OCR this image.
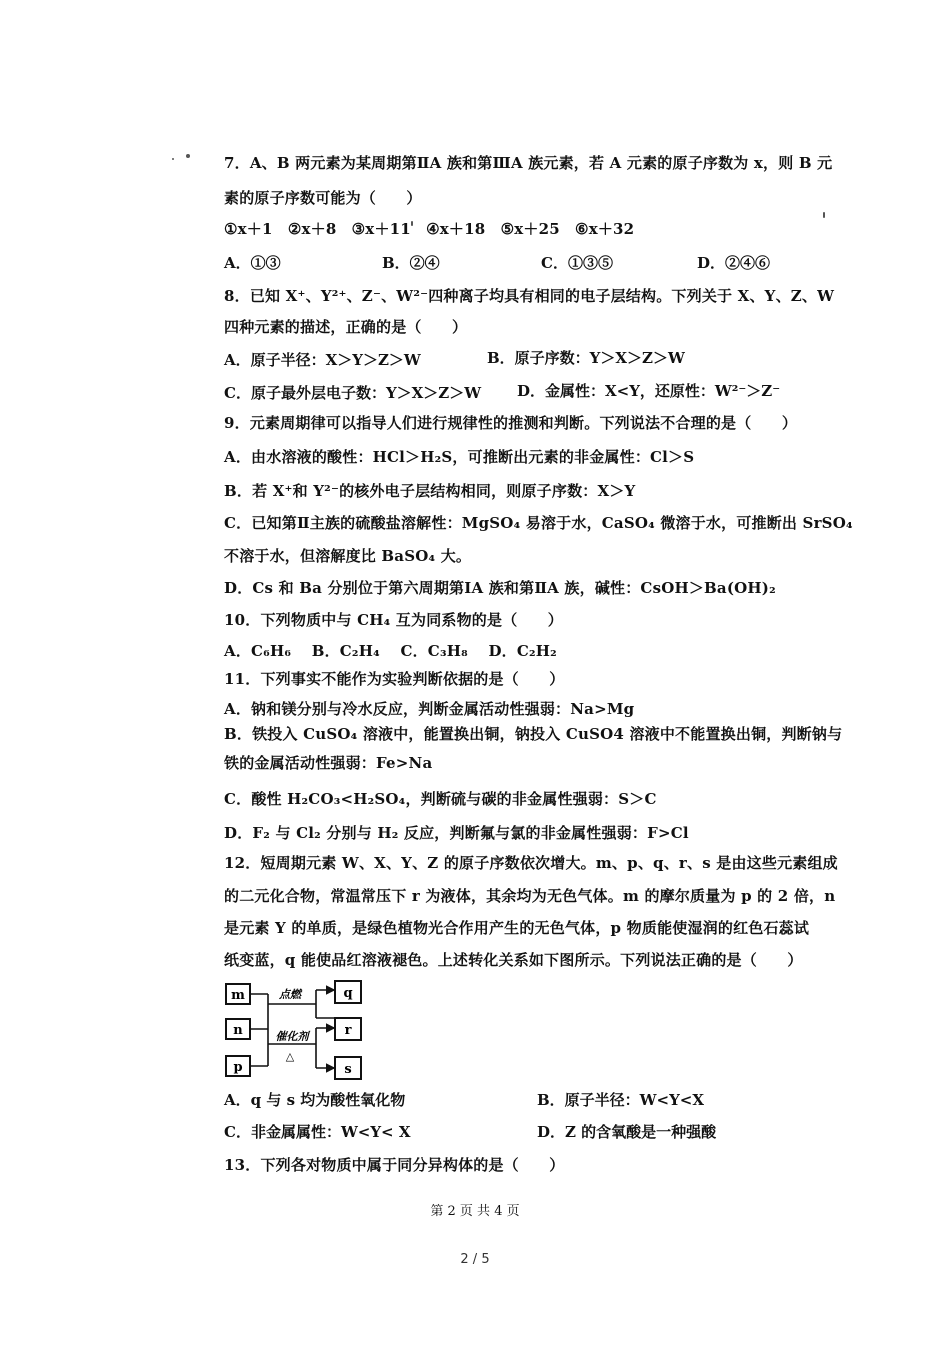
7．A、B 两元素为某周期第ⅡA 族和第ⅢA 族元素，若 A 元素的原子序数为 x，则 B 元
素的原子序数可能为（　　）
①x＋1　②x＋8　③x＋11　④x＋18　⑤x＋25　⑥x＋32
A．①③	B．②④	C．①③⑤	D．②④⑥
8．已知 X⁺、Y²⁺、Z⁻、W²⁻四种离子均具有相同的电子层结构。下列关于 X、Y、Z、W
四种元素的描述，正确的是（　　）
A．原子半径：X＞Y＞Z＞W	B．原子序数：Y＞X＞Z＞W
C．原子最外层电子数：Y＞X＞Z＞W D．金属性：X<Y，还原性：W²⁻＞Z⁻
9．元素周期律可以指导人们进行规律性的推测和判断。下列说法不合理的是（　　）
A．由水溶液的酸性：HCl＞H₂S，可推断出元素的非金属性：Cl＞S
B．若 X⁺和 Y²⁻的核外电子层结构相同，则原子序数：X＞Y
C．已知第Ⅱ主族的硫酸盐溶解性：MgSO₄ 易溶于水，CaSO₄ 微溶于水，可推断出 SrSO₄
不溶于水，但溶解度比 BaSO₄ 大。
D．Cs 和 Ba 分别位于第六周期第ⅠA 族和第ⅡA 族，碱性：CsOH＞Ba(OH)₂
10．下列物质中与 CH₄ 互为同系物的是（　　）
A．C₆H₆　 B．C₂H₄　 C．C₃H₈　 D．C₂H₂
11．下列事实不能作为实验判断依据的是（　　）
A．钠和镁分别与冷水反应，判断金属活动性强弱：Na>Mg
B．铁投入 CuSO₄ 溶液中，能置换出铜，钠投入 CuSO4 溶液中不能置换出铜，判断钠与
铁的金属活动性强弱：Fe>Na
C．酸性 H₂CO₃<H₂SO₄，判断硫与碳的非金属性强弱：S＞C
D．F₂ 与 Cl₂ 分别与 H₂ 反应，判断氟与氯的非金属性强弱：F>Cl
12．短周期元素 W、X、Y、Z 的原子序数依次增大。m、p、q、r、s 是由这些元素组成
的二元化合物，常温常压下 r 为液体，其余均为无色气体。m 的摩尔质量为 p 的 2 倍，n
是元素 Y 的单质，是绿色植物光合作用产生的无色气体，p 物质能使湿润的红色石蕊试
纸变蓝，q 能使品红溶液褪色。上述转化关系如下图所示。下列说法正确的是（　　）
m
n
p
q
r
s
点燃
催化剂
△
A．q 与 s 均为酸性氧化物	B．原子半径：W<Y<X
C．非金属属性：W<Y< X	D．Z 的含氧酸是一种强酸
13．下列各对物质中属于同分异构体的是（　　）
第 2 页 共 4 页
2 / 5
